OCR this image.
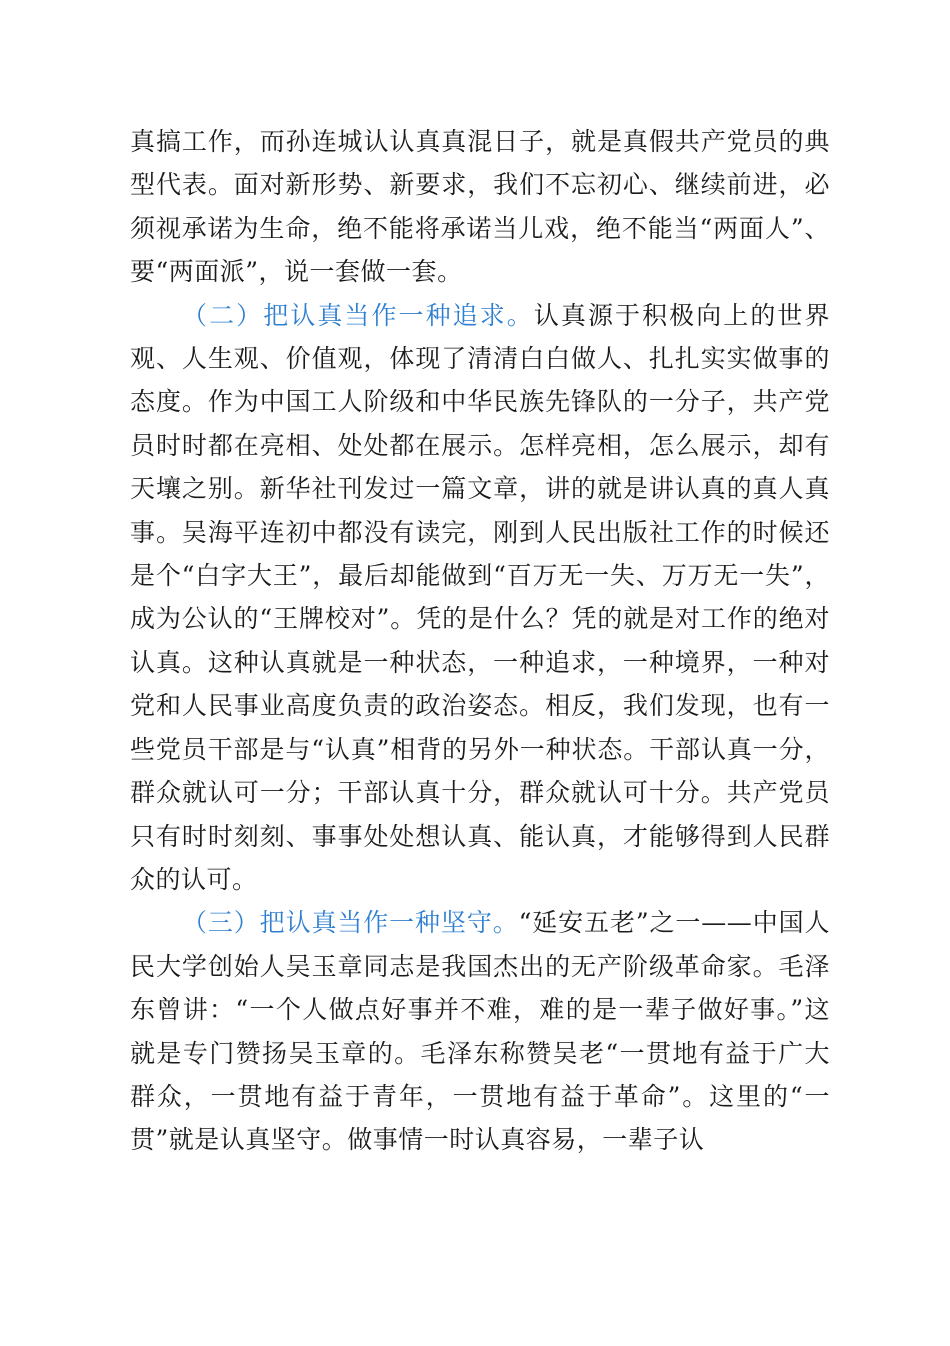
真搞工作，而孙连城认认真真混日子，就是真假共产党员的典型代表。面对新形势、新要求，我们不忘初心、继续前进，必须视承诺为生命，绝不能将承诺当儿戏，绝不能当“两面人”、要“两面派”，说一套做一套。

（二）把认真当作一种追求。认真源于积极向上的世界观、人生观、价值观，体现了清清白白做人、扎扎实实做事的态度。作为中国工人阶级和中华民族先锋队的一分子，共产党员时时都在亮相、处处都在展示。怎样亮相，怎么展示，却有天壤之别。新华社刊发过一篇文章，讲的就是讲认真的真人真事。吴海平连初中都没有读完，刚到人民出版社工作的时候还是个“白字大王”，最后却能做到“百万无一失、万万无一失”，成为公认的“王牌校对”。凭的是什么？凭的就是对工作的绝对认真。这种认真就是一种状态，一种追求，一种境界，一种对党和人民事业高度负责的政治姿态。相反，我们发现，也有一些党员干部是与“认真”相背的另外一种状态。干部认真一分，群众就认可一分；干部认真十分，群众就认可十分。共产党员只有时时刻刻、事事处处想认真、能认真，才能够得到人民群众的认可。

（三）把认真当作一种坚守。“延安五老”之一——中国人民大学创始人吴玉章同志是我国杰出的无产阶级革命家。毛泽东曾讲：“一个人做点好事并不难，难的是一辈子做好事。”这就是专门赞扬吴玉章的。毛泽东称赞吴老“一贯地有益于广大群众，一贯地有益于青年，一贯地有益于革命”。这里的“一贯”就是认真坚守。做事情一时认真容易，一辈子认
